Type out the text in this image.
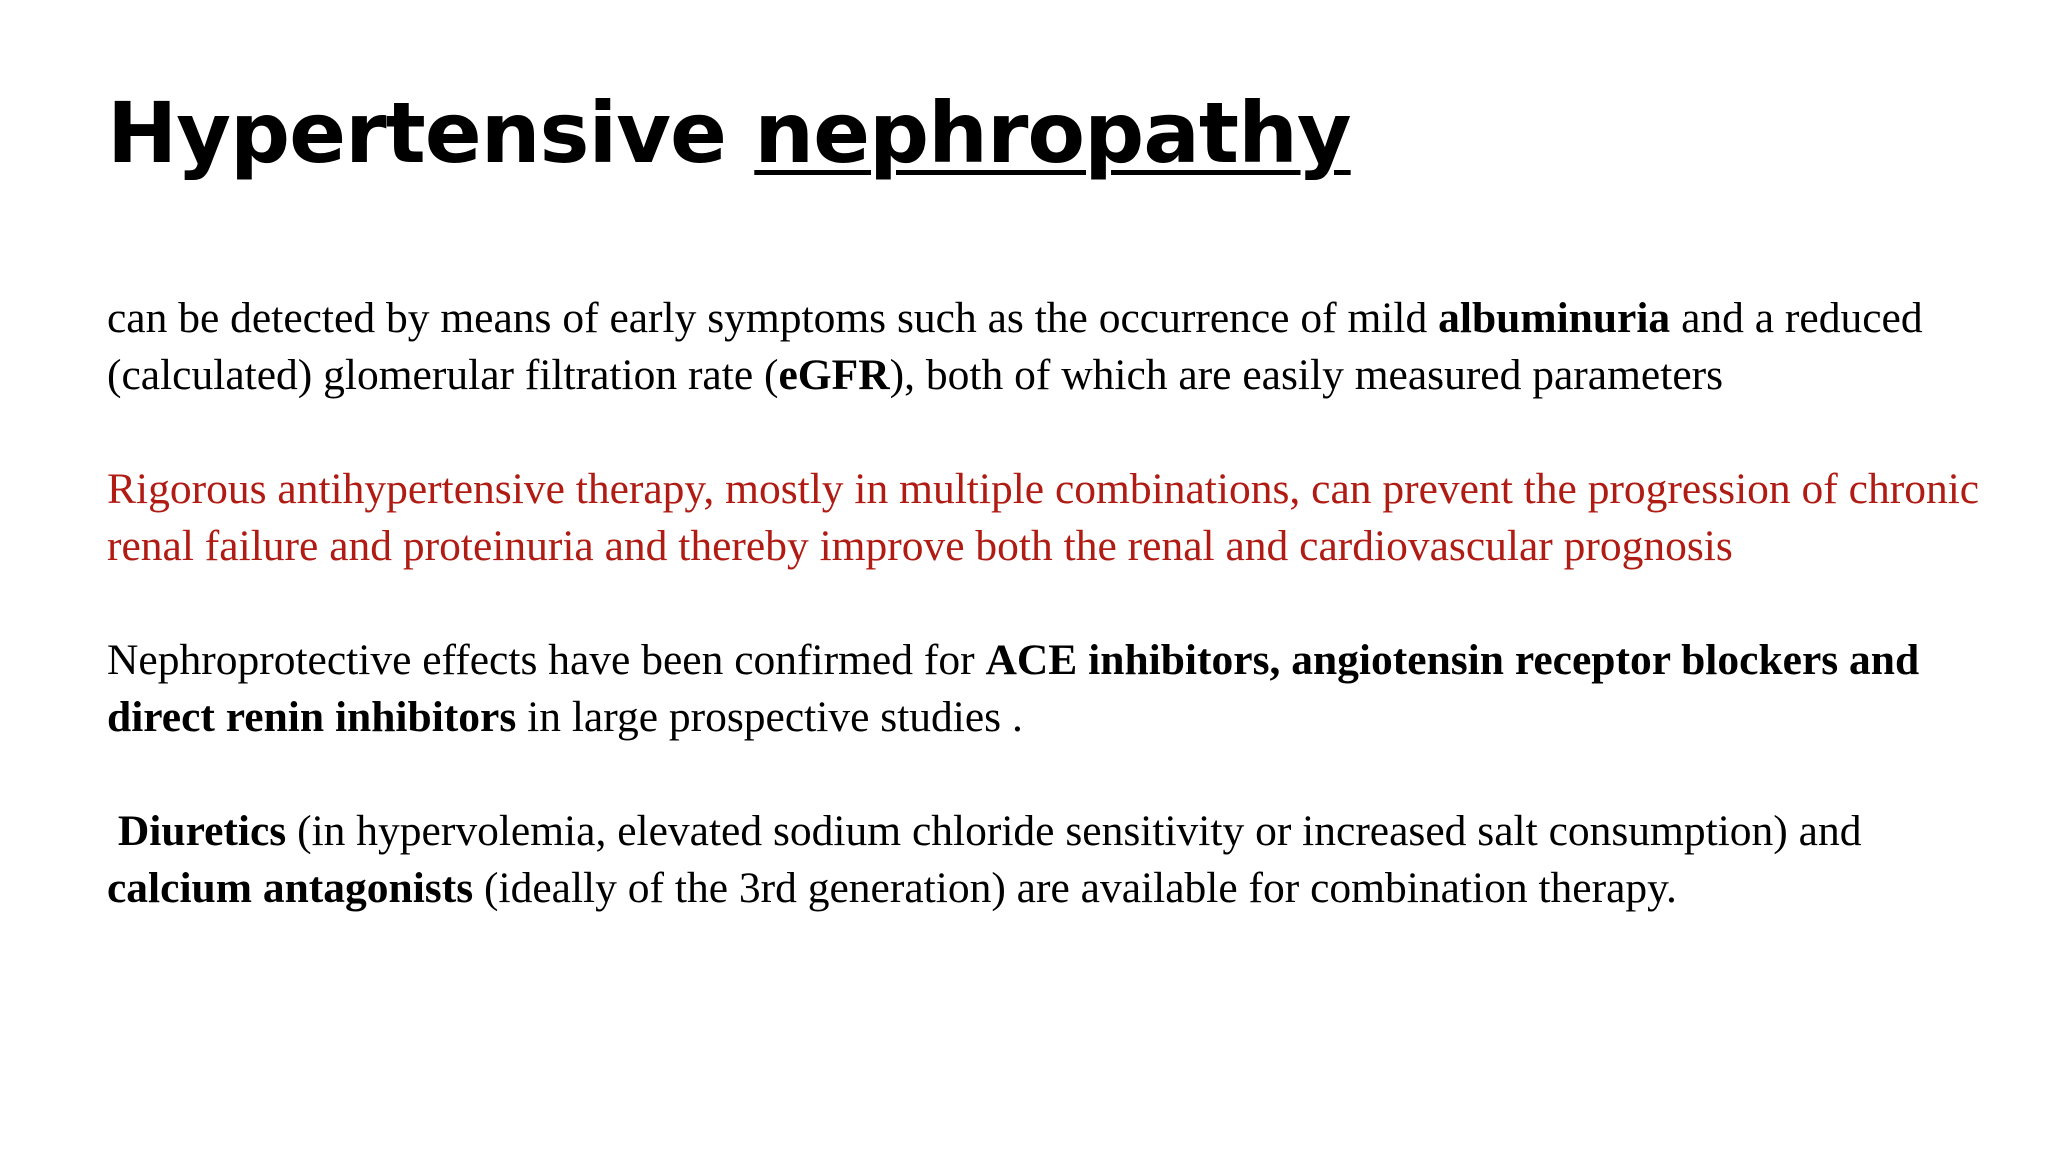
Hypertensive nephropathy

can be detected by means of early symptoms such as the occurrence of mild albuminuria and a reduced (calculated) glomerular filtration rate (eGFR), both of which are easily measured parameters

Rigorous antihypertensive therapy, mostly in multiple combinations, can prevent the progression of chronic renal failure and proteinuria and thereby improve both the renal and cardiovascular prognosis

Nephroprotective effects have been confirmed for ACE inhibitors, angiotensin receptor blockers and direct renin inhibitors in large prospective studies .

Diuretics (in hypervolemia, elevated sodium chloride sensitivity or increased salt consumption) and calcium antagonists (ideally of the 3rd generation) are available for combination therapy.
